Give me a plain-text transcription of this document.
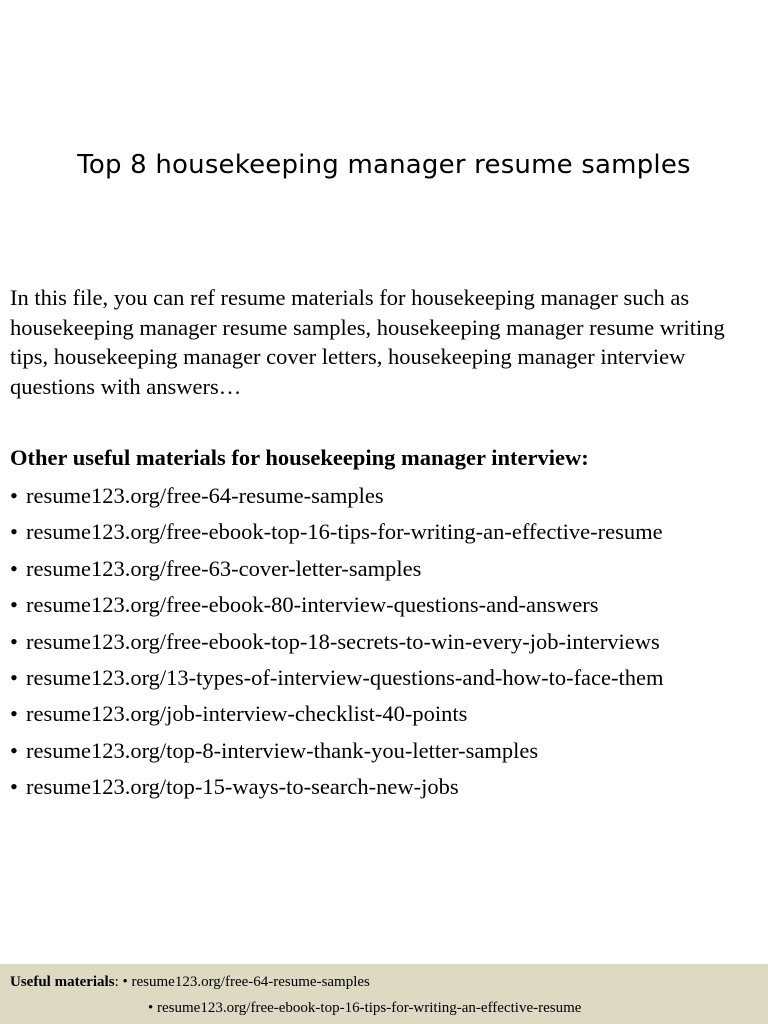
Top 8 housekeeping manager resume samples

In this file, you can ref resume materials for housekeeping manager such as housekeeping manager resume samples, housekeeping manager resume writing tips, housekeeping manager cover letters, housekeeping manager interview questions with answers…

Other useful materials for housekeeping manager interview:
• resume123.org/free-64-resume-samples
• resume123.org/free-ebook-top-16-tips-for-writing-an-effective-resume
• resume123.org/free-63-cover-letter-samples
• resume123.org/free-ebook-80-interview-questions-and-answers
• resume123.org/free-ebook-top-18-secrets-to-win-every-job-interviews
• resume123.org/13-types-of-interview-questions-and-how-to-face-them
• resume123.org/job-interview-checklist-40-points
• resume123.org/top-8-interview-thank-you-letter-samples
• resume123.org/top-15-ways-to-search-new-jobs
Useful materials: • resume123.org/free-64-resume-samples
• resume123.org/free-ebook-top-16-tips-for-writing-an-effective-resume
